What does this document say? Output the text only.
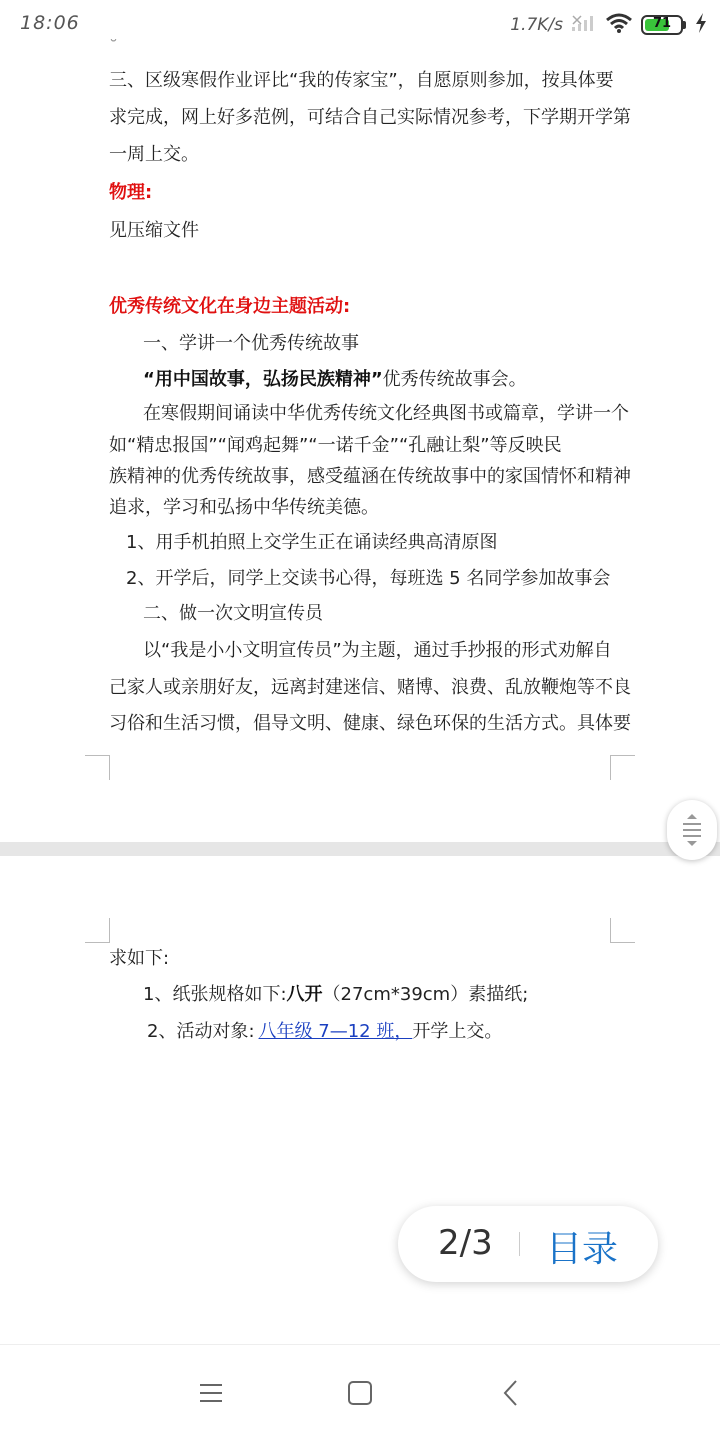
18:06	1.7K/s	71
˘
三、区级寒假作业评比“我的传家宝”，自愿原则参加，按具体要
求完成，网上好多范例，可结合自己实际情况参考，下学期开学第
一周上交。
物理:
见压缩文件
优秀传统文化在身边主题活动:
一、学讲一个优秀传统故事
“用中国故事，弘扬民族精神”优秀传统故事会。
在寒假期间诵读中华优秀传统文化经典图书或篇章，学讲一个
如“精忠报国”“闻鸡起舞”“一诺千金”“孔融让梨”等反映民
族精神的优秀传统故事，感受蕴涵在传统故事中的家国情怀和精神
追求，学习和弘扬中华传统美德。
1、用手机拍照上交学生正在诵读经典高清原图
2、开学后，同学上交读书心得，每班选 5 名同学参加故事会
二、做一次文明宣传员
以“我是小小文明宣传员”为主题，通过手抄报的形式劝解自
己家人或亲朋好友，远离封建迷信、赌博、浪费、乱放鞭炮等不良
习俗和生活习惯，倡导文明、健康、绿色环保的生活方式。具体要
求如下:
1、纸张规格如下:八开（27cm*39cm）素描纸;
2、活动对象: 八年级 7—12 班，开学上交。
2/3 目录
